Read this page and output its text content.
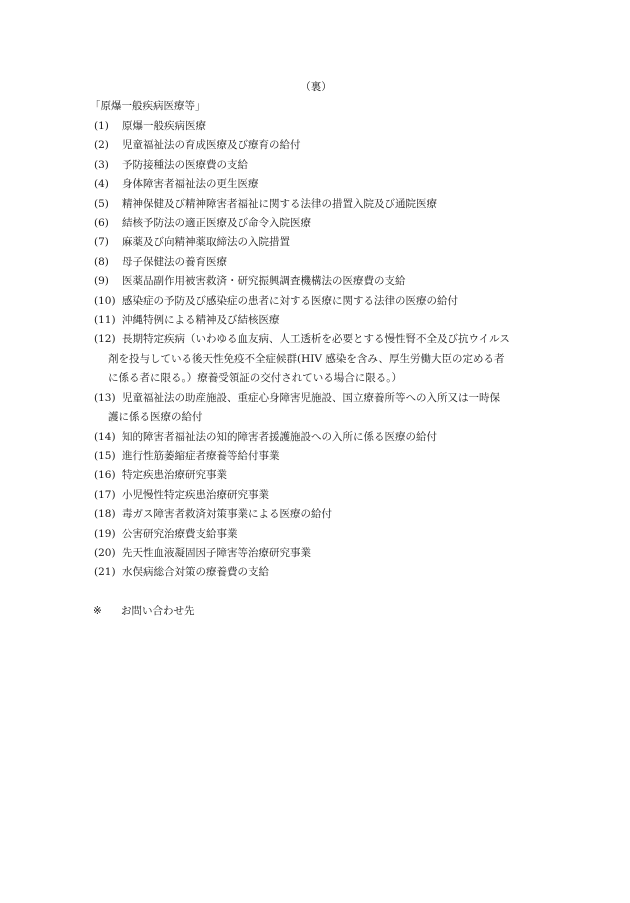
（裏）
「原爆一般疾病医療等」
(1)	原爆一般疾病医療
(2)	児童福祉法の育成医療及び療育の給付
(3)	予防接種法の医療費の支給
(4)	身体障害者福祉法の更生医療
(5)	精神保健及び精神障害者福祉に関する法律の措置入院及び通院医療
(6)	結核予防法の適正医療及び命令入院医療
(7)	麻薬及び向精神薬取締法の入院措置
(8)	母子保健法の養育医療
(9)	医薬品副作用被害救済・研究振興調査機構法の医療費の支給
(10) 感染症の予防及び感染症の患者に対する医療に関する法律の医療の給付
(11) 沖縄特例による精神及び結核医療
(12) 長期特定疾病（いわゆる血友病、人工透析を必要とする慢性腎不全及び抗ウイルス
剤を投与している後天性免疫不全症候群(HIV 感染を含み、厚生労働大臣の定める者
に係る者に限る。）療養受領証の交付されている場合に限る。）
(13) 児童福祉法の助産施設、重症心身障害児施設、国立療養所等への入所又は一時保
護に係る医療の給付
(14) 知的障害者福祉法の知的障害者援護施設への入所に係る医療の給付
(15) 進行性筋萎縮症者療養等給付事業
(16) 特定疾患治療研究事業
(17) 小児慢性特定疾患治療研究事業
(18) 毒ガス障害者救済対策事業による医療の給付
(19) 公害研究治療費支給事業
(20) 先天性血液凝固因子障害等治療研究事業
(21) 水俣病総合対策の療養費の支給
※ お問い合わせ先
